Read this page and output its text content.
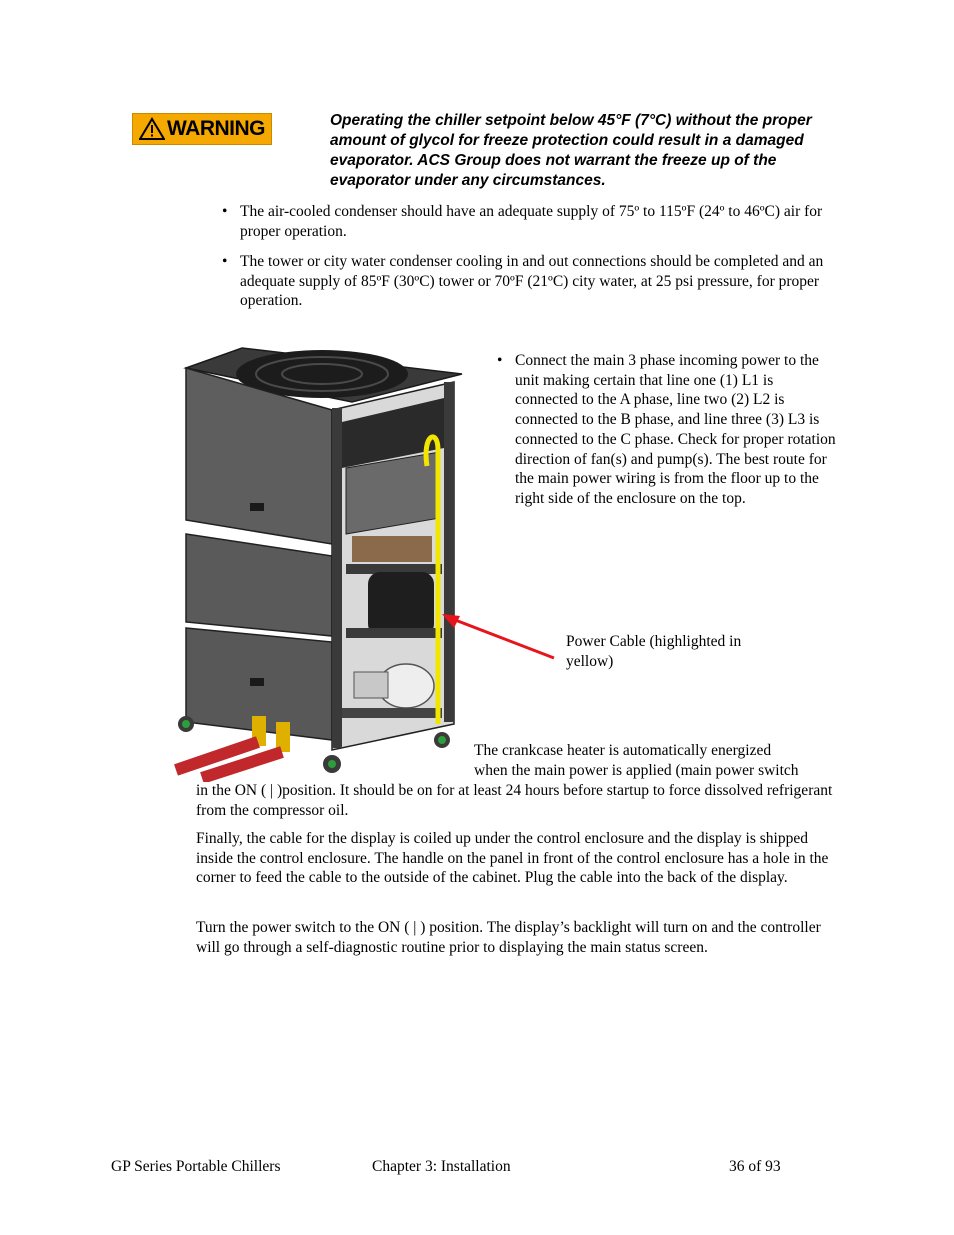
WARNING	Operating the chiller setpoint below 45°F (7°C) without the proper amount of glycol for freeze protection could result in a damaged evaporator. ACS Group does not warrant the freeze up of the evaporator under any circumstances.
• The air-cooled condenser should have an adequate supply of 75º to 115ºF (24º to 46ºC) air for proper operation.
• The tower or city water condenser cooling in and out connections should be completed and an adequate supply of 85ºF (30ºC) tower or 70ºF (21ºC) city water, at 25 psi pressure, for proper operation.
• Connect the main 3 phase incoming power to the unit making certain that line one (1) L1 is connected to the A phase, line two (2) L2 is connected to the B phase, and line three (3) L3 is connected to the C phase. Check for proper rotation direction of fan(s) and pump(s). The best route for the main power wiring is from the floor up to the right side of the enclosure on the top.
Power Cable (highlighted in yellow)
The crankcase heater is automatically energized
when the main power is applied (main power switch
in the ON ( | )position. It should be on for at least 24 hours before startup to force dissolved refrigerant from the compressor oil.
Finally, the cable for the display is coiled up under the control enclosure and the display is shipped inside the control enclosure. The handle on the panel in front of the control enclosure has a hole in the corner to feed the cable to the outside of the cabinet. Plug the cable into the back of the display.
Turn the power switch to the ON ( | ) position. The display’s backlight will turn on and the controller will go through a self-diagnostic routine prior to displaying the main status screen.
GP Series Portable Chillers	Chapter 3: Installation	36 of 93
